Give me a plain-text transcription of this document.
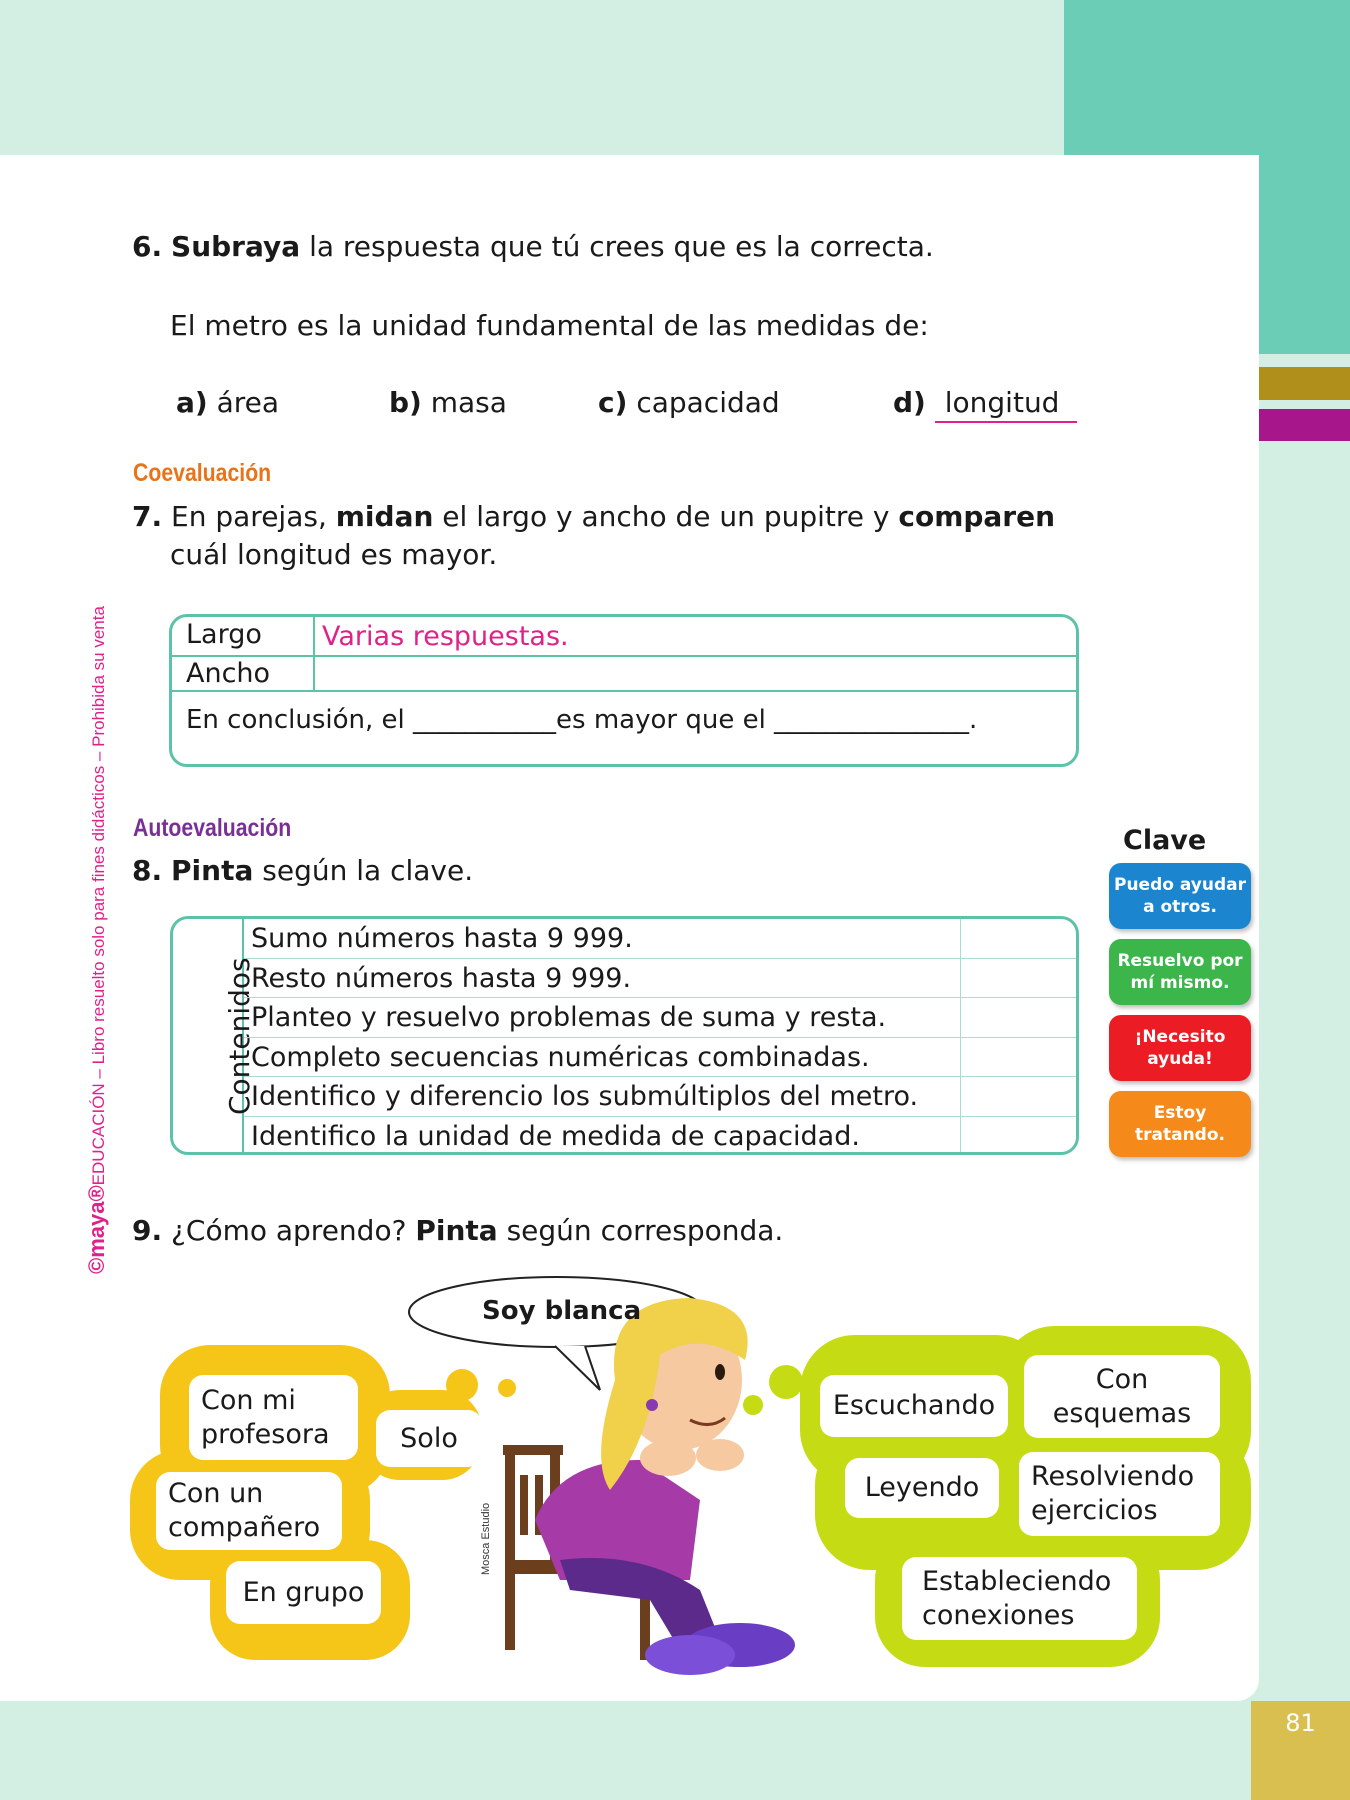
81
©maya®EDUCACIÓN – Libro resuelto solo para fines didácticos – Prohibida su venta
6. Subraya la respuesta que tú crees que es la correcta.
El metro es la unidad fundamental de las medidas de:
a) área	b) masa	c) capacidad	d) longitud
Coevaluación
7. En parejas, midan el largo y ancho de un pupitre y comparen
cuál longitud es mayor.
Largo	Varias respuestas.
Ancho
En conclusión, el ___________es mayor que el _______________.
Autoevaluación
8. Pinta según la clave.
Contenidos
Sumo números hasta 9 999.
Resto números hasta 9 999.
Planteo y resuelvo problemas de suma y resta.
Completo secuencias numéricas combinadas.
Identifico y diferencio los submúltiplos del metro.
Identifico la unidad de medida de capacidad.
Clave
Puedo ayudar a otros.
Resuelvo por mí mismo.
¡Necesito ayuda!
Estoy tratando.
9. ¿Cómo aprendo? Pinta según corresponda.
Soy blanca
Mosca Estudio
Con mi profesora	Solo
Con un compañero
En grupo
Escuchando
Con esquemas
Leyendo	Resolviendo ejercicios
Estableciendo conexiones
